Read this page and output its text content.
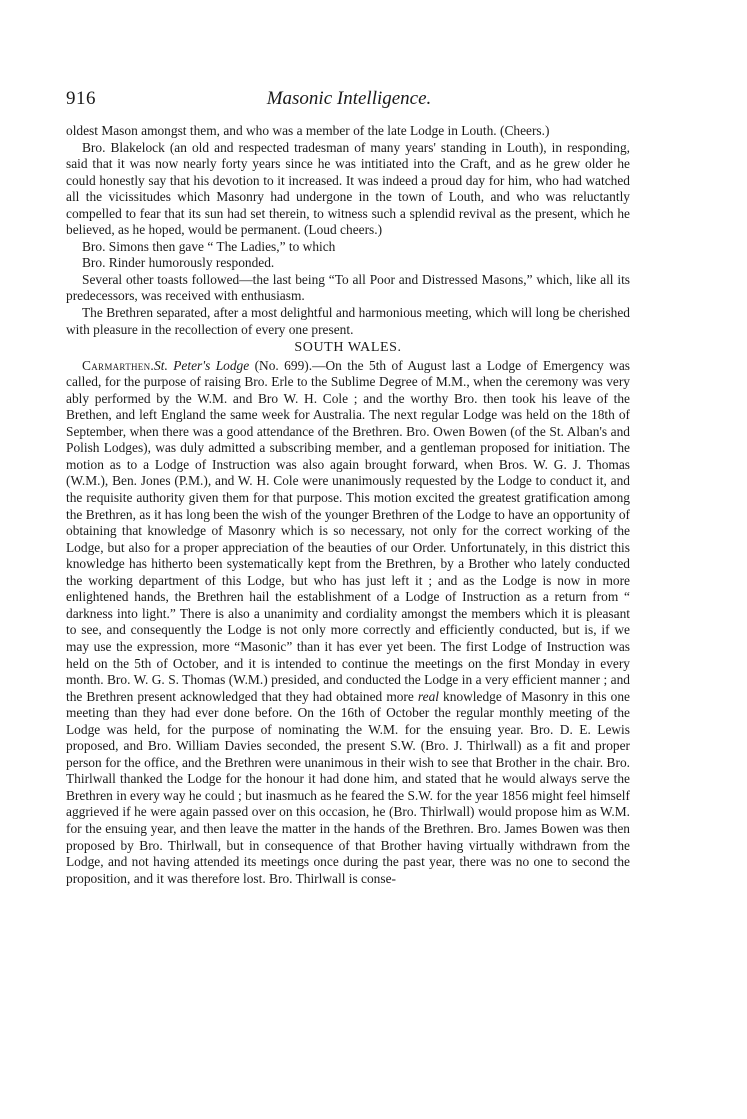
916	Masonic Intelligence.

oldest Mason amongst them, and who was a member of the late Lodge in Louth. (Cheers.)

Bro. Blakelock (an old and respected tradesman of many years' standing in Louth), in responding, said that it was now nearly forty years since he was intitiated into the Craft, and as he grew older he could honestly say that his devotion to it increased. It was indeed a proud day for him, who had watched all the vicissitudes which Masonry had undergone in the town of Louth, and who was reluctantly compelled to fear that its sun had set therein, to witness such a splendid revival as the present, which he believed, as he hoped, would be permanent. (Loud cheers.)

Bro. Simons then gave “ The Ladies,” to which

Bro. Rinder humorously responded.

Several other toasts followed—the last being “To all Poor and Distressed Masons,” which, like all its predecessors, was received with enthusiasm.

The Brethren separated, after a most delightful and harmonious meeting, which will long be cherished with pleasure in the recollection of every one present.

SOUTH WALES.

Carmarthen.St. Peter's Lodge (No. 699).—On the 5th of August last a Lodge of Emergency was called, for the purpose of raising Bro. Erle to the Sublime Degree of M.M., when the ceremony was very ably performed by the W.M. and Bro W. H. Cole ; and the worthy Bro. then took his leave of the Brethen, and left England the same week for Australia. The next regular Lodge was held on the 18th of September, when there was a good attendance of the Brethren. Bro. Owen Bowen (of the St. Alban's and Polish Lodges), was duly admitted a subscribing member, and a gentleman proposed for initiation. The motion as to a Lodge of Instruction was also again brought forward, when Bros. W. G. J. Thomas (W.M.), Ben. Jones (P.M.), and W. H. Cole were unanimously requested by the Lodge to conduct it, and the requisite authority given them for that purpose. This motion excited the greatest gratification among the Brethren, as it has long been the wish of the younger Brethren of the Lodge to have an opportunity of obtaining that knowledge of Masonry which is so necessary, not only for the correct working of the Lodge, but also for a proper appreciation of the beauties of our Order. Unfortunately, in this district this knowledge has hitherto been systematically kept from the Brethren, by a Brother who lately conducted the working department of this Lodge, but who has just left it ; and as the Lodge is now in more enlightened hands, the Brethren hail the establishment of a Lodge of Instruction as a return from “ darkness into light.” There is also a unanimity and cordiality amongst the members which it is pleasant to see, and consequently the Lodge is not only more correctly and efficiently conducted, but is, if we may use the expression, more “Masonic” than it has ever yet been. The first Lodge of Instruction was held on the 5th of October, and it is intended to continue the meetings on the first Monday in every month. Bro. W. G. S. Thomas (W.M.) presided, and conducted the Lodge in a very efficient manner ; and the Brethren present acknowledged that they had obtained more real knowledge of Masonry in this one meeting than they had ever done before. On the 16th of October the regular monthly meeting of the Lodge was held, for the purpose of nominating the W.M. for the ensuing year. Bro. D. E. Lewis proposed, and Bro. William Davies seconded, the present S.W. (Bro. J. Thirlwall) as a fit and proper person for the office, and the Brethren were unanimous in their wish to see that Brother in the chair. Bro. Thirlwall thanked the Lodge for the honour it had done him, and stated that he would always serve the Brethren in every way he could ; but inasmuch as he feared the S.W. for the year 1856 might feel himself aggrieved if he were again passed over on this occasion, he (Bro. Thirlwall) would propose him as W.M. for the ensuing year, and then leave the matter in the hands of the Brethren. Bro. James Bowen was then proposed by Bro. Thirlwall, but in consequence of that Brother having virtually withdrawn from the Lodge, and not having attended its meetings once during the past year, there was no one to second the proposition, and it was therefore lost. Bro. Thirlwall is conse-
